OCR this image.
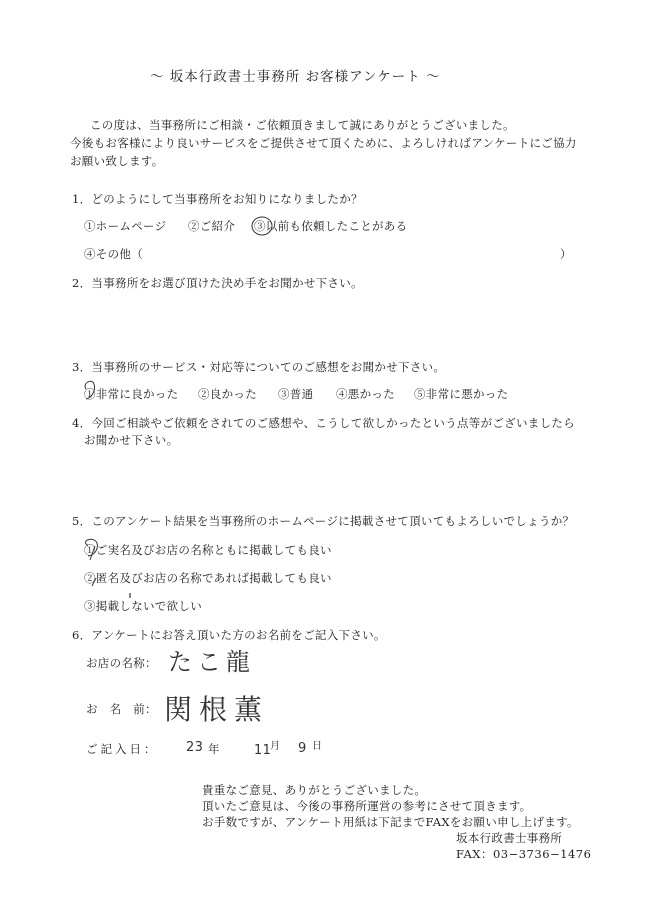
〜 坂本行政書士事務所 お客様アンケート 〜
この度は、当事務所にご相談・ご依頼頂きまして誠にありがとうございました。
今後もお客様により良いサービスをご提供させて頂くために、よろしければアンケートにご協力
お願い致します。
1．どのようにして当事務所をお知りになりましたか？
①ホームページ ②ご紹介 ③以前も依頼したことがある
④その他（	）
2．当事務所をお選び頂けた決め手をお聞かせ下さい。
3．当事務所のサービス・対応等についてのご感想をお聞かせ下さい。
①非常に良かった ②良かった ③普通 ④悪かった ⑤非常に悪かった
4．今回ご相談やご依頼をされてのご感想や、こうして欲しかったという点等がございましたら
お聞かせ下さい。
5．このアンケート結果を当事務所のホームページに掲載させて頂いてもよろしいでしょうか？
①ご実名及びお店の名称ともに掲載しても良い
②匿名及びお店の名称であれば掲載しても良い
③掲載しないで欲しい
6．アンケートにお答え頂いた方のお名前をご記入下さい。
お店の名称： たこ龍
お　名　前： 関根薫
ご記入日： 23 年	11
月 9 日
貴重なご意見、ありがとうございました。
頂いたご意見は、今後の事務所運営の参考にさせて頂きます。
お手数ですが、アンケート用紙は下記までFAXをお願い申し上げます。
坂本行政書士事務所
FAX：03−3736−1476
